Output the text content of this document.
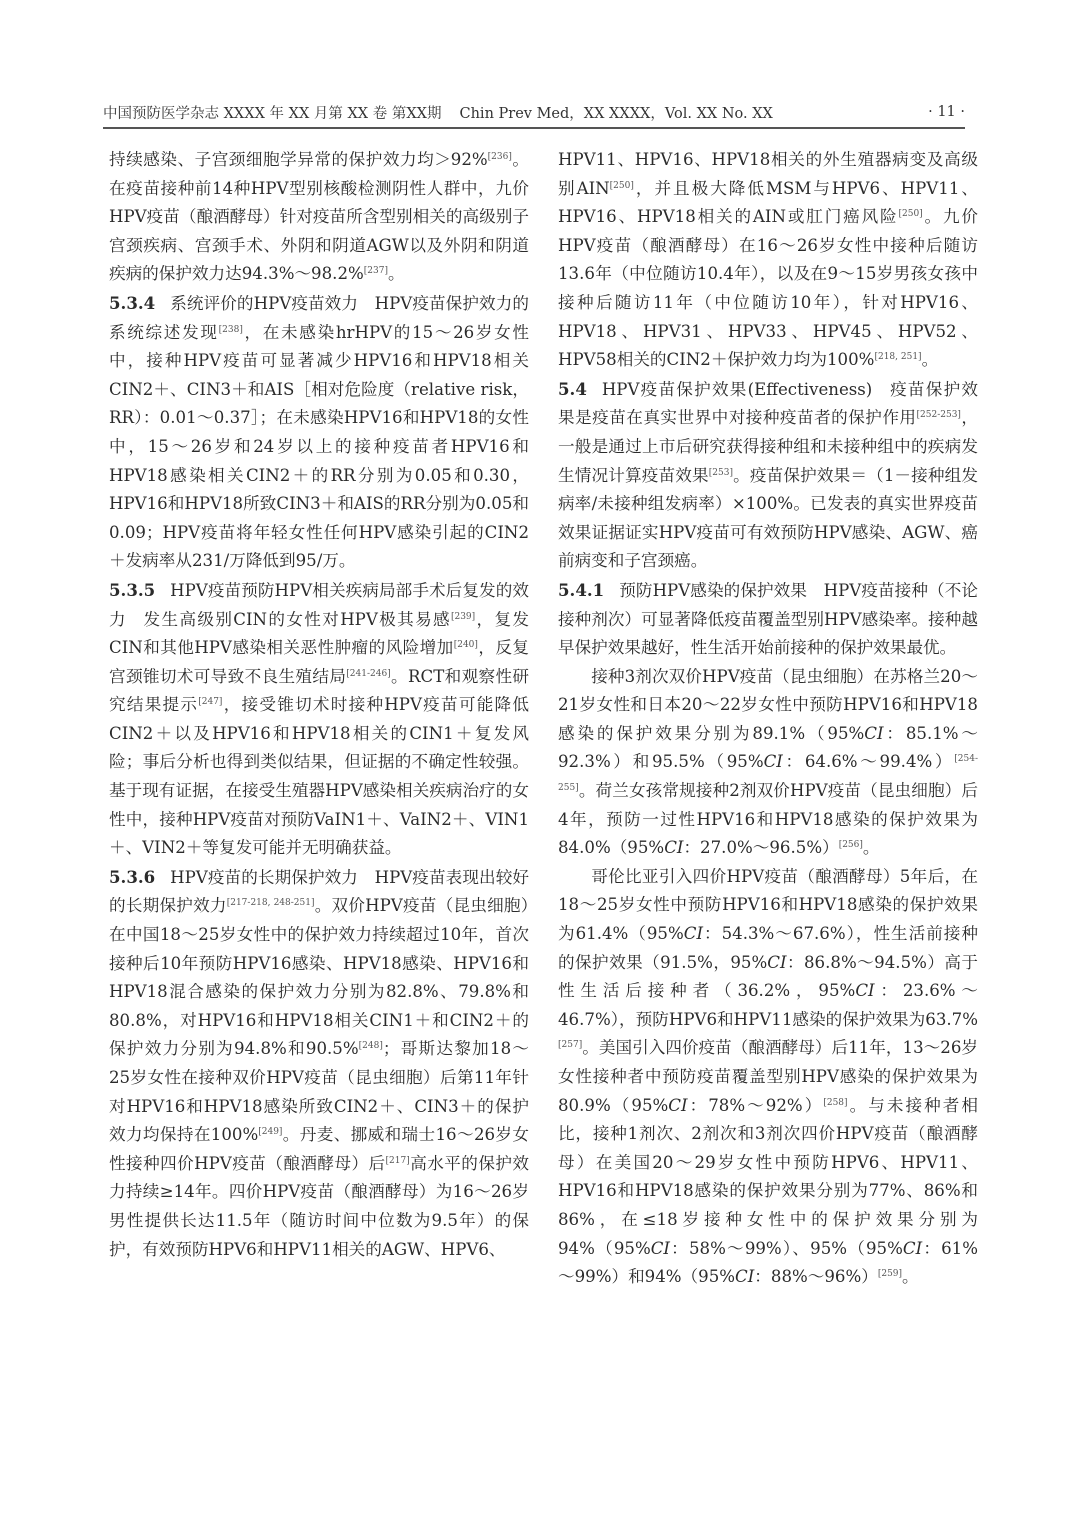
中国预防医学杂志 XXXX 年 XX 月第 XX 卷 第XX期 Chin Prev Med，XX XXXX，Vol. XX No. XX	· 11 ·

持续感染、子宫颈细胞学异常的保护效力均＞92%[236]。在疫苗接种前14种HPV型别核酸检测阴性人群中，九价HPV疫苗（酿酒酵母）针对疫苗所含型别相关的高级别子宫颈疾病、宫颈手术、外阴和阴道AGW以及外阴和阴道疾病的保护效力达94.3%～98.2%[237]。

5.3.4 系统评价的HPV疫苗效力 HPV疫苗保护效力的系统综述发现[238]，在未感染hrHPV的15～26岁女性中，接种HPV疫苗可显著减少HPV16和HPV18相关CIN2＋、CIN3＋和AIS［相对危险度（relative risk，RR）：0.01～0.37］；在未感染HPV16和HPV18的女性中，15～26岁和24岁以上的接种疫苗者HPV16和HPV18感染相关CIN2＋的RR分别为0.05和0.30，HPV16和HPV18所致CIN3＋和AIS的RR分别为0.05和0.09；HPV疫苗将年轻女性任何HPV感染引起的CIN2＋发病率从231/万降低到95/万。

5.3.5 HPV疫苗预防HPV相关疾病局部手术后复发的效力 发生高级别CIN的女性对HPV极其易感[239]，复发CIN和其他HPV感染相关恶性肿瘤的风险增加[240]，反复宫颈锥切术可导致不良生殖结局[241-246]。RCT和观察性研究结果提示[247]，接受锥切术时接种HPV疫苗可能降低CIN2＋以及HPV16和HPV18相关的CIN1＋复发风险；事后分析也得到类似结果，但证据的不确定性较强。基于现有证据，在接受生殖器HPV感染相关疾病治疗的女性中，接种HPV疫苗对预防VaIN1＋、VaIN2＋、VIN1＋、VIN2＋等复发可能并无明确获益。

5.3.6 HPV疫苗的长期保护效力 HPV疫苗表现出较好的长期保护效力[217-218, 248-251]。双价HPV疫苗（昆虫细胞）在中国18～25岁女性中的保护效力持续超过10年，首次接种后10年预防HPV16感染、HPV18感染、HPV16和HPV18混合感染的保护效力分别为82.8%、79.8%和80.8%，对HPV16和HPV18相关CIN1＋和CIN2＋的保护效力分别为94.8%和90.5%[248]；哥斯达黎加18～25岁女性在接种双价HPV疫苗（昆虫细胞）后第11年针对HPV16和HPV18感染所致CIN2＋、CIN3＋的保护效力均保持在100%[249]。丹麦、挪威和瑞士16～26岁女性接种四价HPV疫苗（酿酒酵母）后[217]高水平的保护效力持续≥14年。四价HPV疫苗（酿酒酵母）为16～26岁男性提供长达11.5年（随访时间中位数为9.5年）的保护，有效预防HPV6和HPV11相关的AGW、HPV6、

HPV11、HPV16、HPV18相关的外生殖器病变及高级别AIN[250]，并且极大降低MSM与HPV6、HPV11、HPV16、HPV18相关的AIN或肛门癌风险[250]。九价HPV疫苗（酿酒酵母）在16～26岁女性中接种后随访13.6年（中位随访10.4年），以及在9～15岁男孩女孩中接种后随访11年（中位随访10年），针对HPV16、HPV18、HPV31、HPV33、HPV45、HPV52、HPV58相关的CIN2＋保护效力均为100%[218, 251]。

5.4 HPV疫苗保护效果(Effectiveness) 疫苗保护效果是疫苗在真实世界中对接种疫苗者的保护作用[252-253]，一般是通过上市后研究获得接种组和未接种组中的疾病发生情况计算疫苗效果[253]。疫苗保护效果＝（1－接种组发病率/未接种组发病率）×100%。已发表的真实世界疫苗效果证据证实HPV疫苗可有效预防HPV感染、AGW、癌前病变和子宫颈癌。

5.4.1 预防HPV感染的保护效果 HPV疫苗接种（不论接种剂次）可显著降低疫苗覆盖型别HPV感染率。接种越早保护效果越好，性生活开始前接种的保护效果最优。

接种3剂次双价HPV疫苗（昆虫细胞）在苏格兰20～21岁女性和日本20～22岁女性中预防HPV16和HPV18感染的保护效果分别为89.1%（95%CI：85.1%～92.3%）和95.5%（95%CI：64.6%～99.4%）[254-255]。荷兰女孩常规接种2剂双价HPV疫苗（昆虫细胞）后4年，预防一过性HPV16和HPV18感染的保护效果为84.0%（95%CI：27.0%～96.5%）[256]。

哥伦比亚引入四价HPV疫苗（酿酒酵母）5年后，在18～25岁女性中预防HPV16和HPV18感染的保护效果为61.4%（95%CI：54.3%～67.6%），性生活前接种的保护效果（91.5%，95%CI：86.8%～94.5%）高于性生活后接种者（36.2%，95%CI：23.6%～46.7%），预防HPV6和HPV11感染的保护效果为63.7%[257]。美国引入四价疫苗（酿酒酵母）后11年，13～26岁女性接种者中预防疫苗覆盖型别HPV感染的保护效果为80.9%（95%CI：78%～92%）[258]。与未接种者相比，接种1剂次、2剂次和3剂次四价HPV疫苗（酿酒酵母）在美国20～29岁女性中预防HPV6、HPV11、HPV16和HPV18感染的保护效果分别为77%、86%和86%，在≤18岁接种女性中的保护效果分别为94%（95%CI：58%～99%）、95%（95%CI：61%～99%）和94%（95%CI：88%～96%）[259]。
